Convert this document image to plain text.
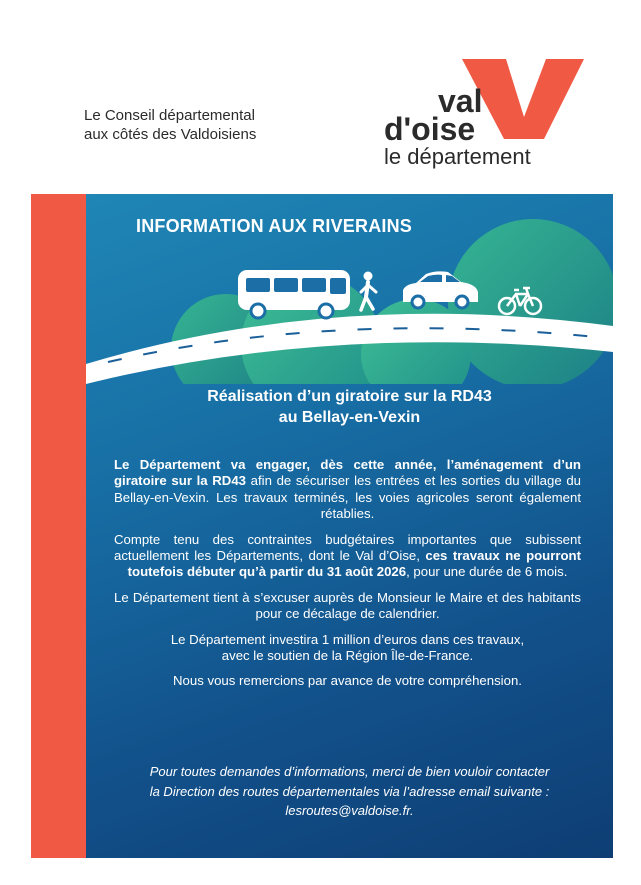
Le Conseil départemental
aux côtés des Valdoisiens
val
d'oise
le département
INFORMATION AUX RIVERAINS
Réalisation d’un giratoire sur la RD43
au Bellay-en-Vexin

Le Département va engager, dès cette année, l’aménagement d’un giratoire sur la RD43 afin de sécuriser les entrées et les sorties du village du Bellay-en-Vexin. Les travaux terminés, les voies agricoles seront également rétablies.

Compte tenu des contraintes budgétaires importantes que subissent actuellement les Départements, dont le Val d’Oise, ces travaux ne pourront toutefois débuter qu’à partir du 31 août 2026, pour une durée de 6 mois.

Le Département tient à s’excuser auprès de Monsieur le Maire et des habitants pour ce décalage de calendrier.

Le Département investira 1 million d’euros dans ces travaux,
avec le soutien de la Région Île-de-France.

Nous vous remercions par avance de votre compréhension.

Pour toutes demandes d’informations, merci de bien vouloir contacter
la Direction des routes départementales via l’adresse email suivante :
lesroutes@valdoise.fr.
